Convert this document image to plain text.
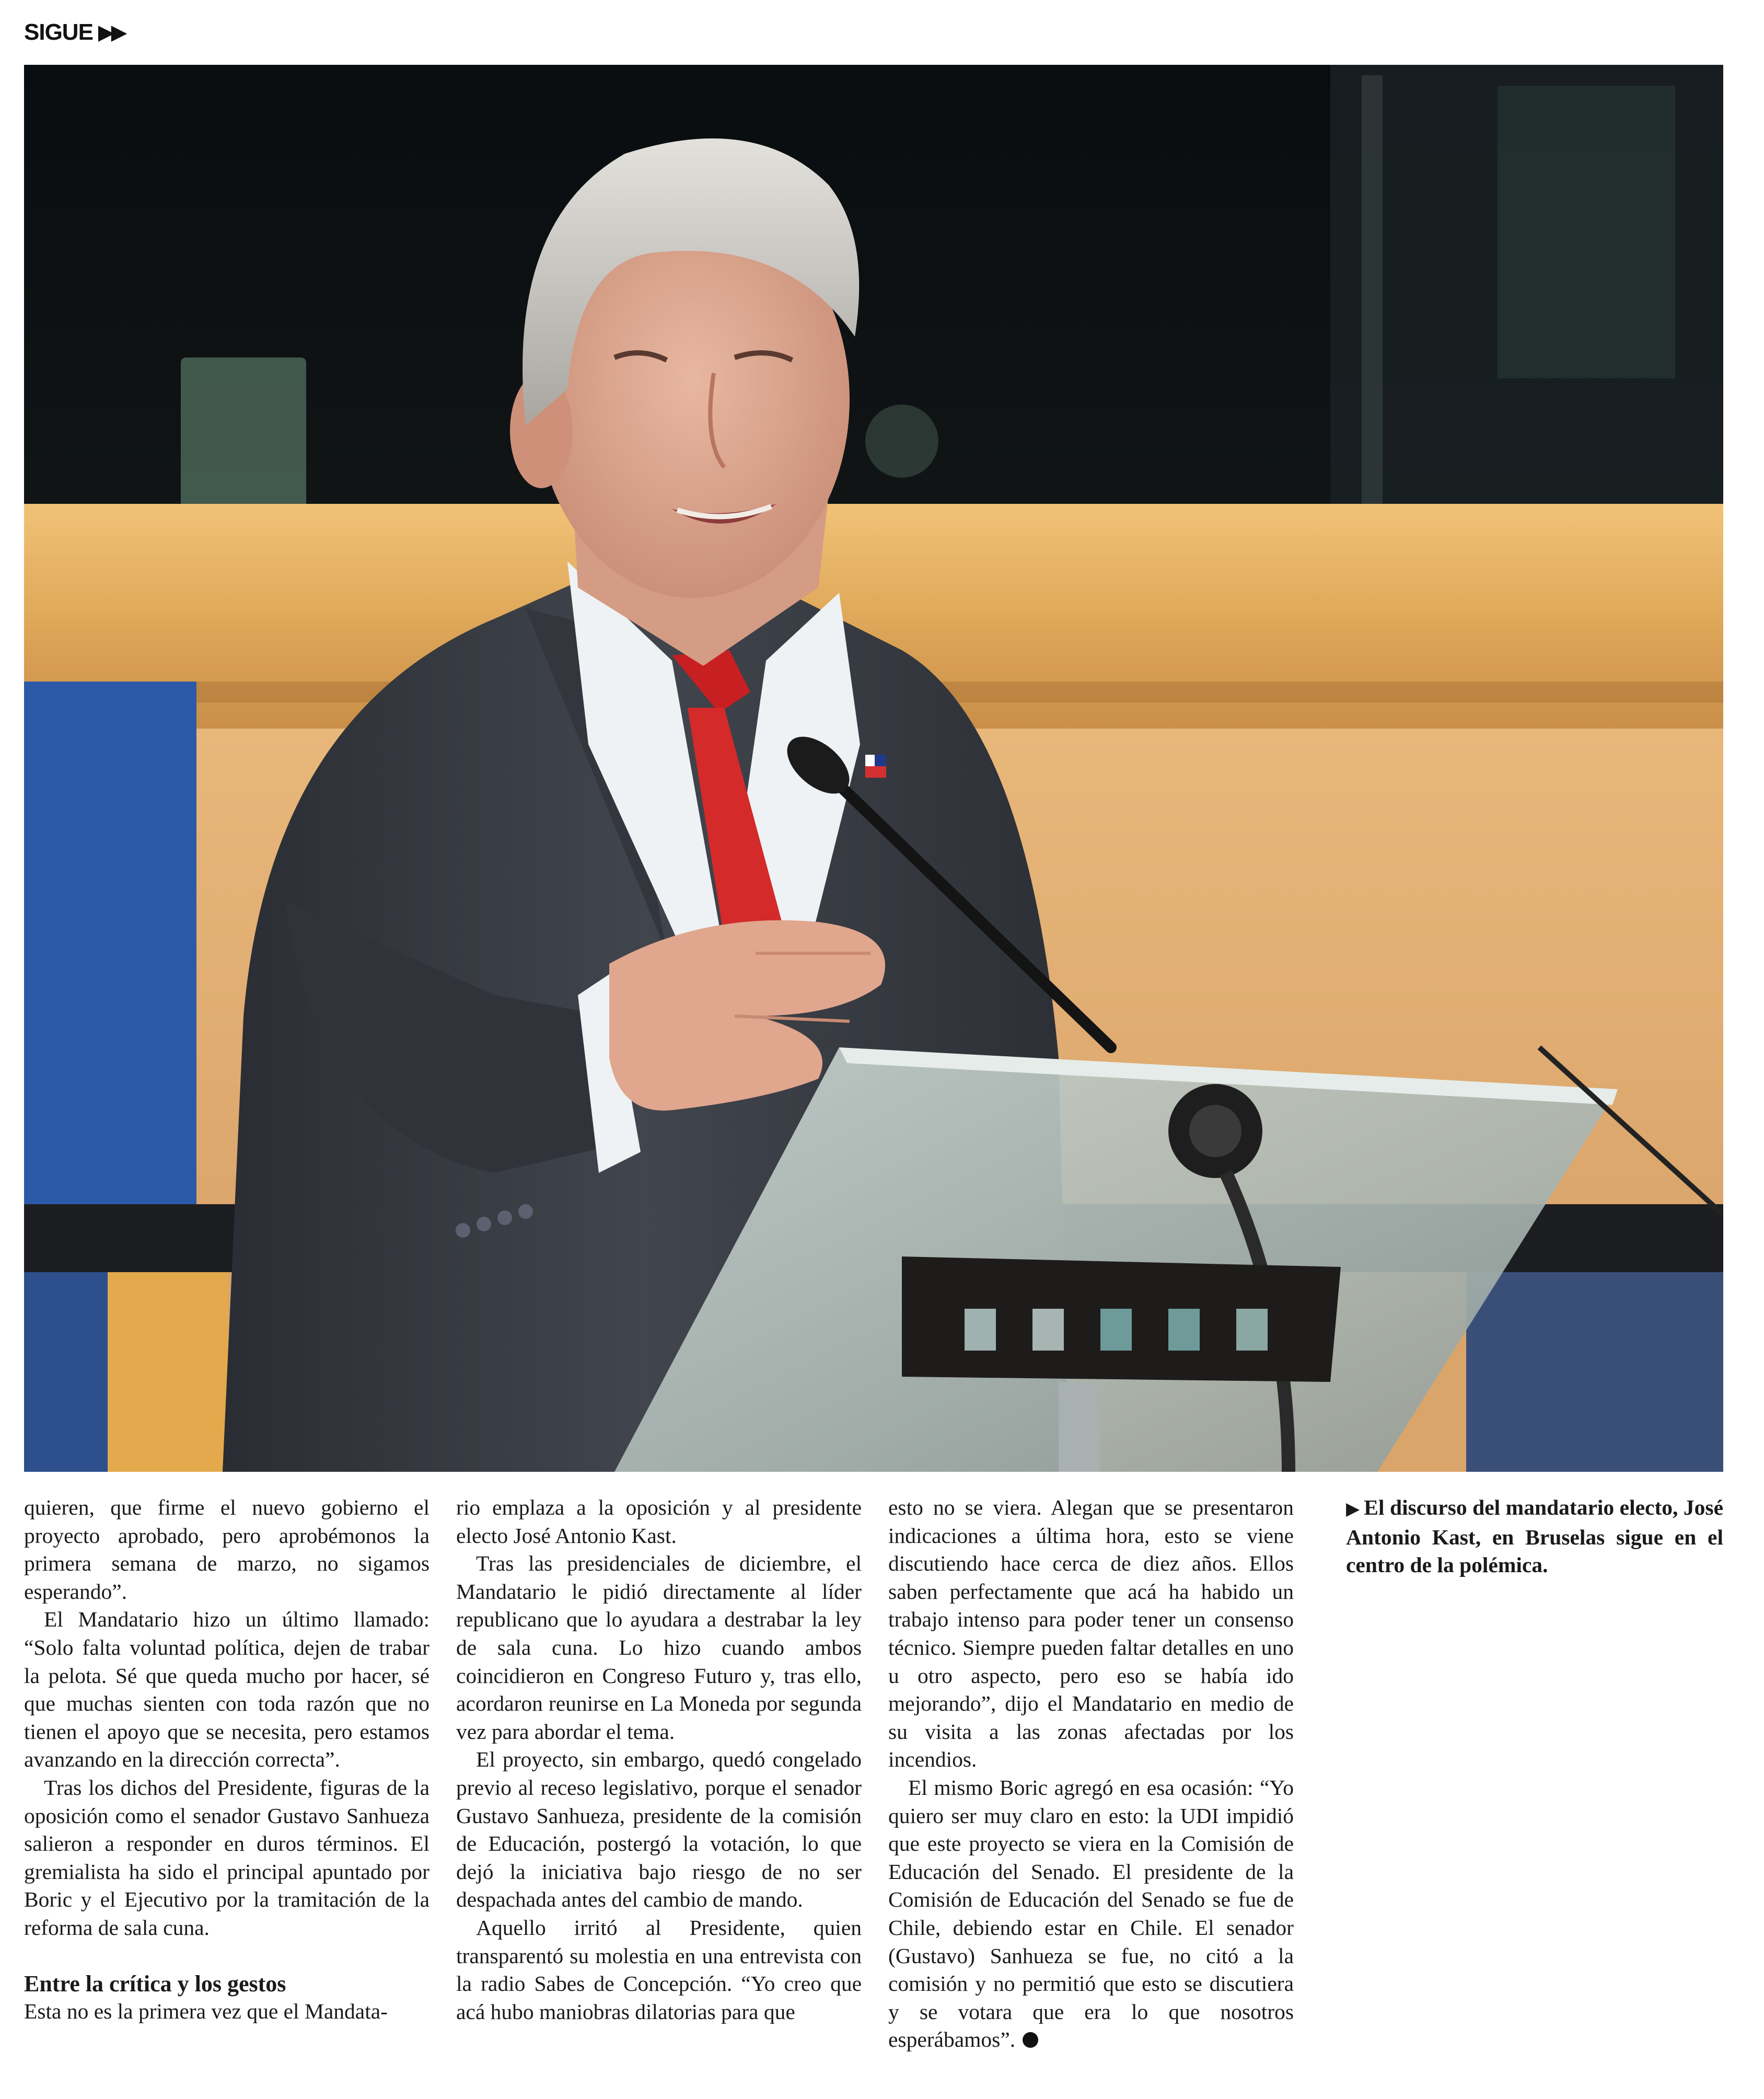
SIGUE ▶▶

quieren, que firme el nuevo gobierno el proyecto aprobado, pero aprobémonos la primera semana de marzo, no sigamos esperando”.

El Mandatario hizo un último llamado: “Solo falta voluntad política, dejen de trabar la pelota. Sé que queda mucho por hacer, sé que muchas sienten con toda razón que no tienen el apoyo que se necesita, pero estamos avanzando en la dirección correcta”.

Tras los dichos del Presidente, figuras de la oposición como el senador Gustavo Sanhueza salieron a responder en duros términos. El gremialista ha sido el principal apuntado por Boric y el Ejecutivo por la tramitación de la reforma de sala cuna.

Entre la crítica y los gestos

Esta no es la primera vez que el Mandata-

rio emplaza a la oposición y al presidente electo José Antonio Kast.

Tras las presidenciales de diciembre, el Mandatario le pidió directamente al líder republicano que lo ayudara a destrabar la ley de sala cuna. Lo hizo cuando ambos coincidieron en Congreso Futuro y, tras ello, acordaron reunirse en La Moneda por segunda vez para abordar el tema.

El proyecto, sin embargo, quedó congelado previo al receso legislativo, porque el senador Gustavo Sanhueza, presidente de la comisión de Educación, postergó la votación, lo que dejó la iniciativa bajo riesgo de no ser despachada antes del cambio de mando.

Aquello irritó al Presidente, quien transparentó su molestia en una entrevista con la radio Sabes de Concepción. “Yo creo que acá hubo maniobras dilatorias para que

esto no se viera. Alegan que se presentaron indicaciones a última hora, esto se viene discutiendo hace cerca de diez años. Ellos saben perfectamente que acá ha habido un trabajo intenso para poder tener un consenso técnico. Siempre pueden faltar detalles en uno u otro aspecto, pero eso se había ido mejorando”, dijo el Mandatario en medio de su visita a las zonas afectadas por los incendios.

El mismo Boric agregó en esa ocasión: “Yo quiero ser muy claro en esto: la UDI impidió que este proyecto se viera en la Comisión de Educación del Senado. El presidente de la Comisión de Educación del Senado se fue de Chile, debiendo estar en Chile. El senador (Gustavo) Sanhueza se fue, no citó a la comisión y no permitió que esto se discutiera y se votara que era lo que nosotros esperábamos”.

▶ El discurso del mandatario electo, José Antonio Kast, en Bruselas sigue en el centro de la polémica.
